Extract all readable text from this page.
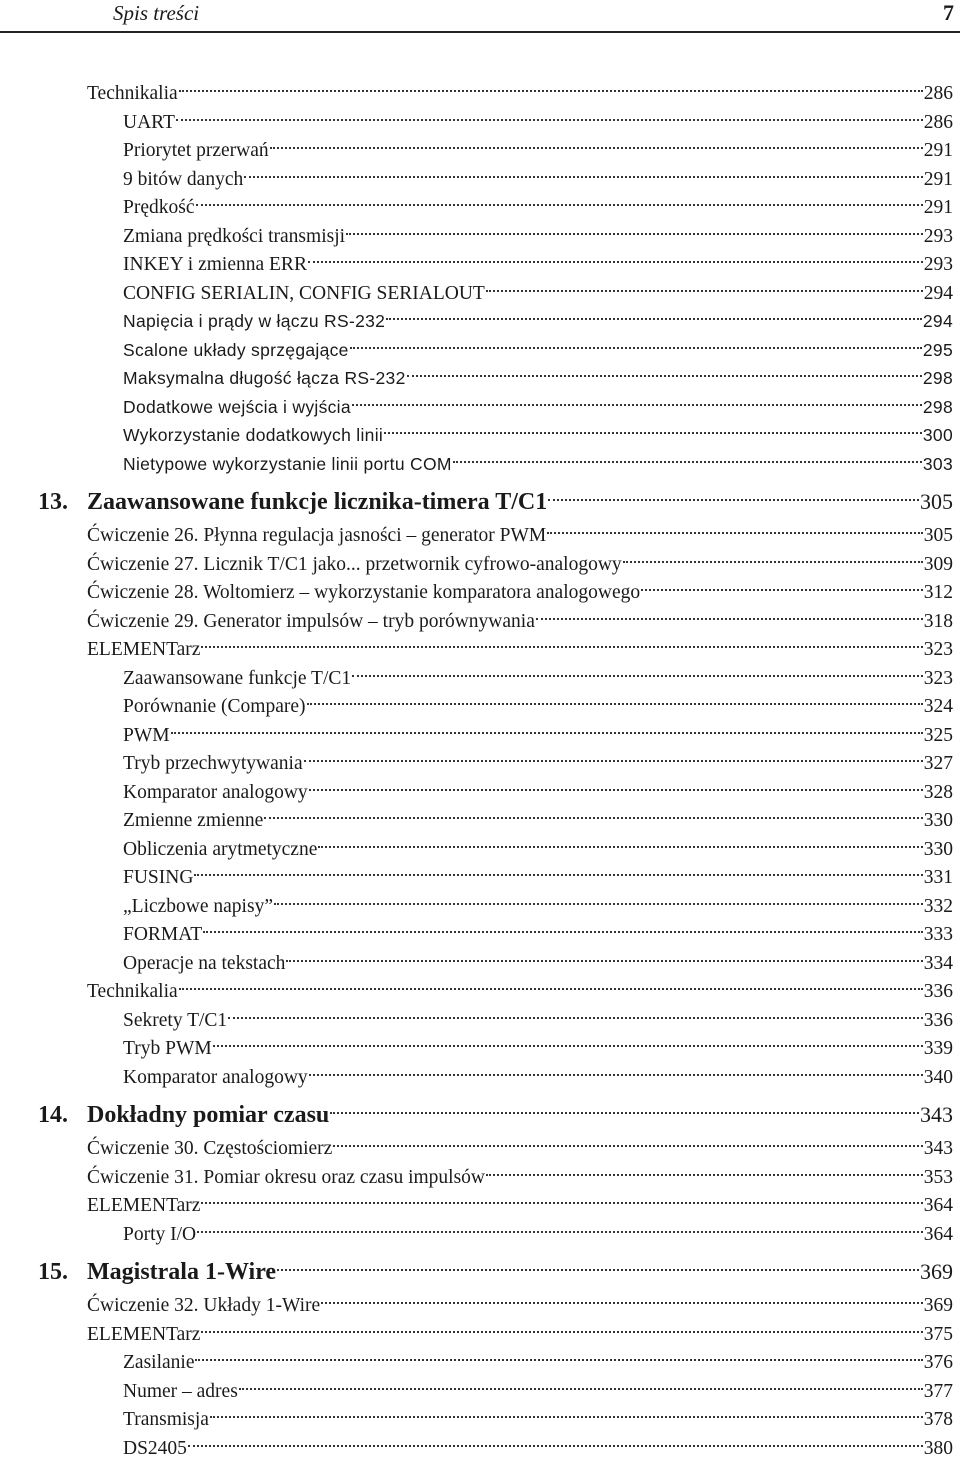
Spis treści	7
Technikalia	286
UART	286
Priorytet przerwań	291
9 bitów danych	291
Prędkość	291
Zmiana prędkości transmisji	293
INKEY i zmienna ERR	293
CONFIG SERIALIN, CONFIG SERIALOUT	294
Napięcia i prądy w łączu RS-232	294
Scalone układy sprzęgające	295
Maksymalna długość łącza RS-232	298
Dodatkowe wejścia i wyjścia	298
Wykorzystanie dodatkowych linii	300
Nietypowe wykorzystanie linii portu COM	303
13. Zaawansowane funkcje licznika-timera T/C1	305
Ćwiczenie 26. Płynna regulacja jasności – generator PWM	305
Ćwiczenie 27. Licznik T/C1 jako... przetwornik cyfrowo-analogowy	309
Ćwiczenie 28. Woltomierz – wykorzystanie komparatora analogowego	312
Ćwiczenie 29. Generator impulsów – tryb porównywania	318
ELEMENTarz	323
Zaawansowane funkcje T/C1	323
Porównanie (Compare)	324
PWM	325
Tryb przechwytywania	327
Komparator analogowy	328
Zmienne zmienne	330
Obliczenia arytmetyczne	330
FUSING	331
„Liczbowe napisy”	332
FORMAT	333
Operacje na tekstach	334
Technikalia	336
Sekrety T/C1	336
Tryb PWM	339
Komparator analogowy	340
14. Dokładny pomiar czasu	343
Ćwiczenie 30. Częstościomierz	343
Ćwiczenie 31. Pomiar okresu oraz czasu impulsów	353
ELEMENTarz	364
Porty I/O	364
15. Magistrala 1-Wire	369
Ćwiczenie 32. Układy 1-Wire	369
ELEMENTarz	375
Zasilanie	376
Numer – adres	377
Transmisja	378
DS2405	380
